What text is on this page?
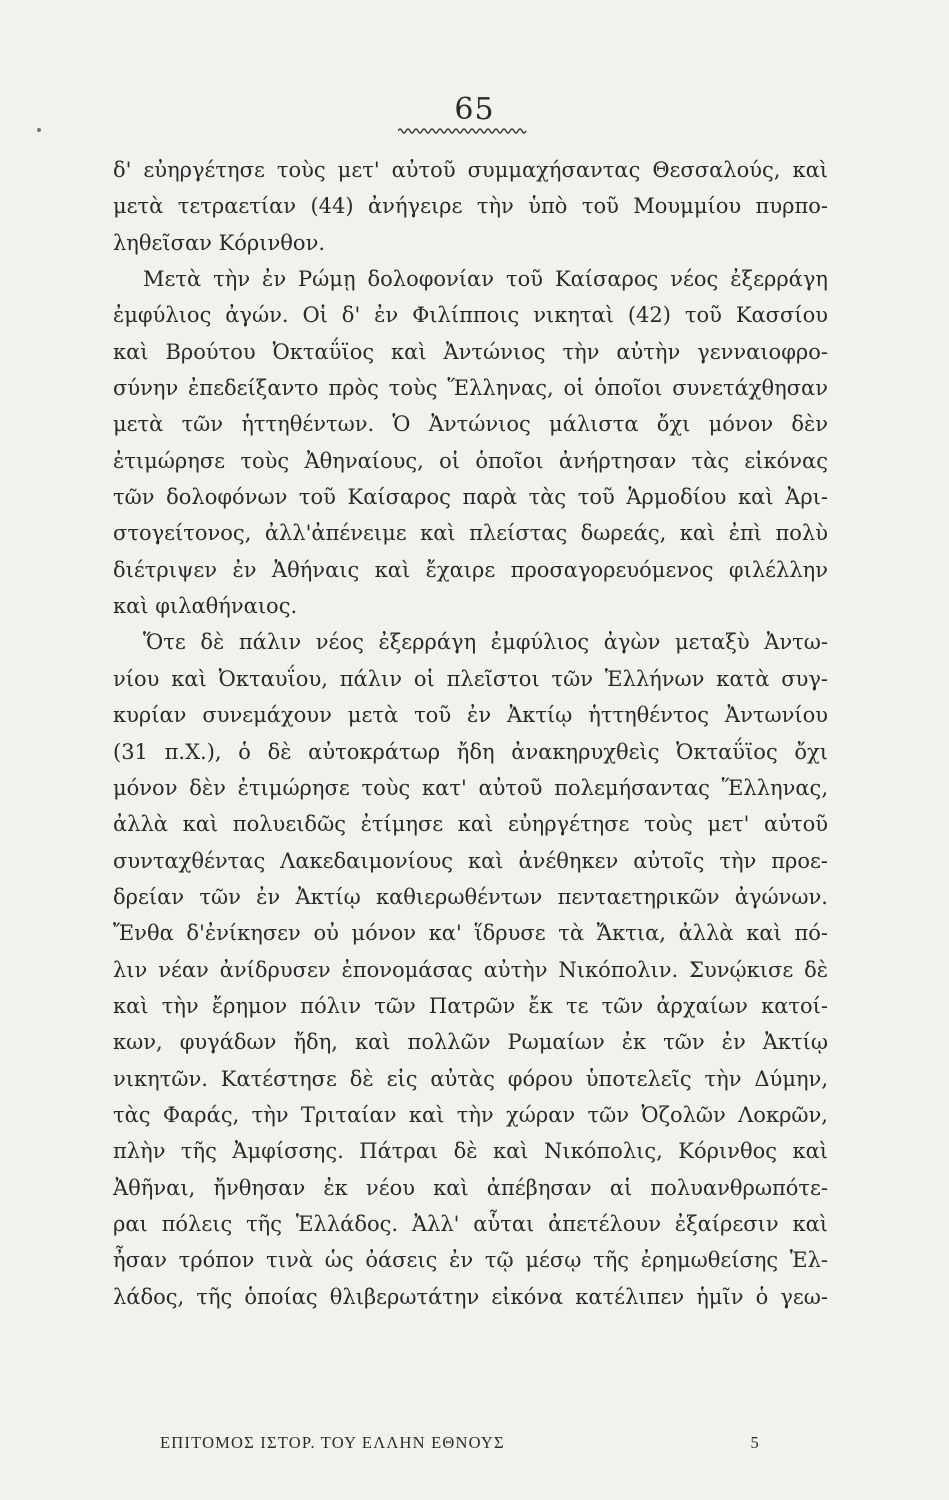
65
δ' εὐηργέτησε τοὺς μετ' αὐτοῦ συμμαχήσαντας Θεσσαλούς, καὶ
μετὰ τετραετίαν (44) ἀνήγειρε τὴν ὑπὸ τοῦ Μουμμίου πυρπο-
ληθεῖσαν Κόρινθον.
Μετὰ τὴν ἐν Ρώμῃ δολοφονίαν τοῦ Καίσαρος νέος ἐξερράγη
ἐμφύλιος ἀγών. Οἱ δ' ἐν Φιλίπποις νικηταὶ (42) τοῦ Κασσίου
καὶ Βρούτου Ὀκταΰϊος καὶ Ἀντώνιος τὴν αὐτὴν γενναιοφρο-
σύνην ἐπεδείξαντο πρὸς τοὺς Ἕλληνας, οἱ ὁποῖοι συνετάχθησαν
μετὰ τῶν ἡττηθέντων. Ὁ Ἀντώνιος μάλιστα ὄχι μόνον δὲν
ἐτιμώρησε τοὺς Ἀθηναίους, οἱ ὁποῖοι ἀνήρτησαν τὰς εἰκόνας
τῶν δολοφόνων τοῦ Καίσαρος παρὰ τὰς τοῦ Ἁρμοδίου καὶ Ἀρι-
στογείτονος, ἀλλ'ἀπένειμε καὶ πλείστας δωρεάς, καὶ ἐπὶ πολὺ
διέτριψεν ἐν Ἀθήναις καὶ ἔχαιρε προσαγορευόμενος φιλέλλην
καὶ φιλαθήναιος.
Ὅτε δὲ πάλιν νέος ἐξερράγη ἐμφύλιος ἀγὼν μεταξὺ Ἀντω-
νίου καὶ Ὀκταυΐου, πάλιν οἱ πλεῖστοι τῶν Ἑλλήνων κατὰ συγ-
κυρίαν συνεμάχουν μετὰ τοῦ ἐν Ἀκτίῳ ἡττηθέντος Ἀντωνίου
(31 π.Χ.), ὁ δὲ αὐτοκράτωρ ἤδη ἀνακηρυχθεὶς Ὀκταΰϊος ὄχι
μόνον δὲν ἐτιμώρησε τοὺς κατ' αὐτοῦ πολεμήσαντας Ἕλληνας,
ἀλλὰ καὶ πολυειδῶς ἐτίμησε καὶ εὐηργέτησε τοὺς μετ' αὐτοῦ
συνταχθέντας Λακεδαιμονίους καὶ ἀνέθηκεν αὐτοῖς τὴν προε-
δρείαν τῶν ἐν Ἀκτίῳ καθιερωθέντων πενταετηρικῶν ἀγώνων.
Ἔνθα δ'ἐνίκησεν οὐ μόνον κα' ἵδρυσε τὰ Ἄκτια, ἀλλὰ καὶ πό-
λιν νέαν ἀνίδρυσεν ἐπονομάσας αὐτὴν Νικόπολιν. Συνῴκισε δὲ
καὶ τὴν ἔρημον πόλιν τῶν Πατρῶν ἔκ τε τῶν ἀρχαίων κατοί-
κων, φυγάδων ἤδη, καὶ πολλῶν Ρωμαίων ἐκ τῶν ἐν Ἀκτίῳ
νικητῶν. Κατέστησε δὲ εἰς αὐτὰς φόρου ὑποτελεῖς τὴν Δύμην,
τὰς Φαράς, τὴν Τριταίαν καὶ τὴν χώραν τῶν Ὀζολῶν Λοκρῶν,
πλὴν τῆς Ἀμφίσσης. Πάτραι δὲ καὶ Νικόπολις, Κόρινθος καὶ
Ἀθῆναι, ἤνθησαν ἐκ νέου καὶ ἀπέβησαν αἱ πολυανθρωπότε-
ραι πόλεις τῆς Ἑλλάδος. Ἀλλ' αὗται ἀπετέλουν ἐξαίρεσιν καὶ
ἦσαν τρόπον τινὰ ὡς ὀάσεις ἐν τῷ μέσῳ τῆς ἐρημωθείσης Ἑλ-
λάδος, τῆς ὁποίας θλιβερωτάτην εἰκόνα κατέλιπεν ἡμῖν ὁ γεω-
ΕΠΙΤΟΜΟΣ ΙΣΤΟΡ. ΤΟΥ ΕΛΛΗΝ ΕΘΝΟΥΣ	5
